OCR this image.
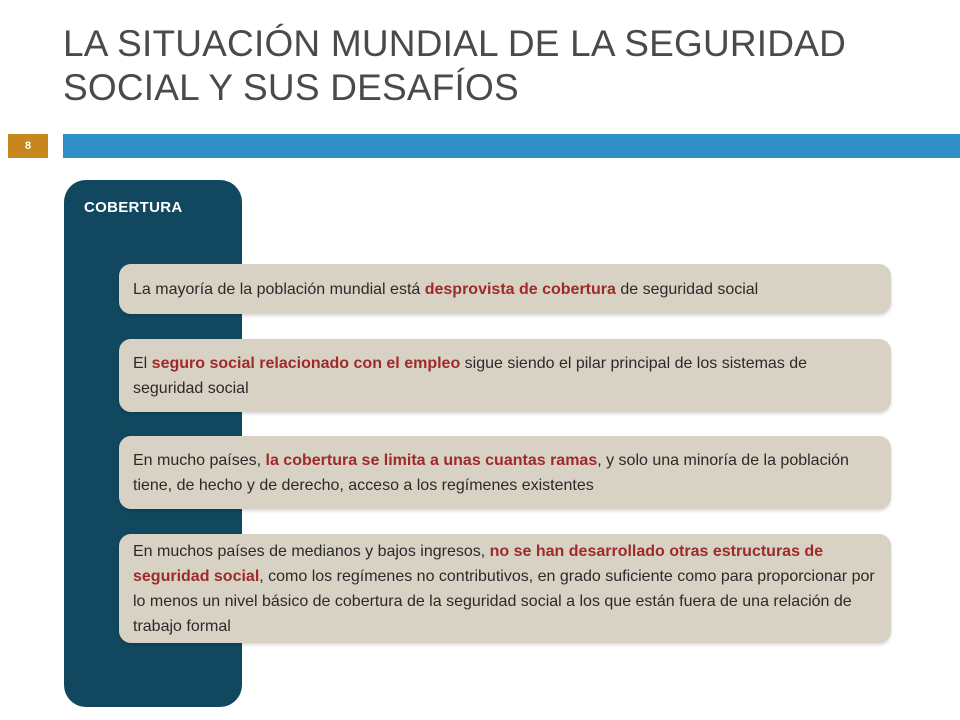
LA SITUACIÓN MUNDIAL DE LA SEGURIDAD
SOCIAL Y SUS DESAFÍOS
8
COBERTURA

La mayoría de la población mundial está desprovista de cobertura de seguridad social

El seguro social relacionado con el empleo sigue siendo el pilar principal de los sistemas de seguridad social

En mucho países, la cobertura se limita a unas cuantas ramas, y solo una minoría de la población tiene, de hecho y de derecho, acceso a los regímenes existentes

En muchos países de medianos y bajos ingresos, no se han desarrollado otras estructuras de seguridad social, como los regímenes no contributivos, en grado suficiente como para proporcionar por lo menos un nivel básico de cobertura de la seguridad social a los que están fuera de una relación de trabajo formal
